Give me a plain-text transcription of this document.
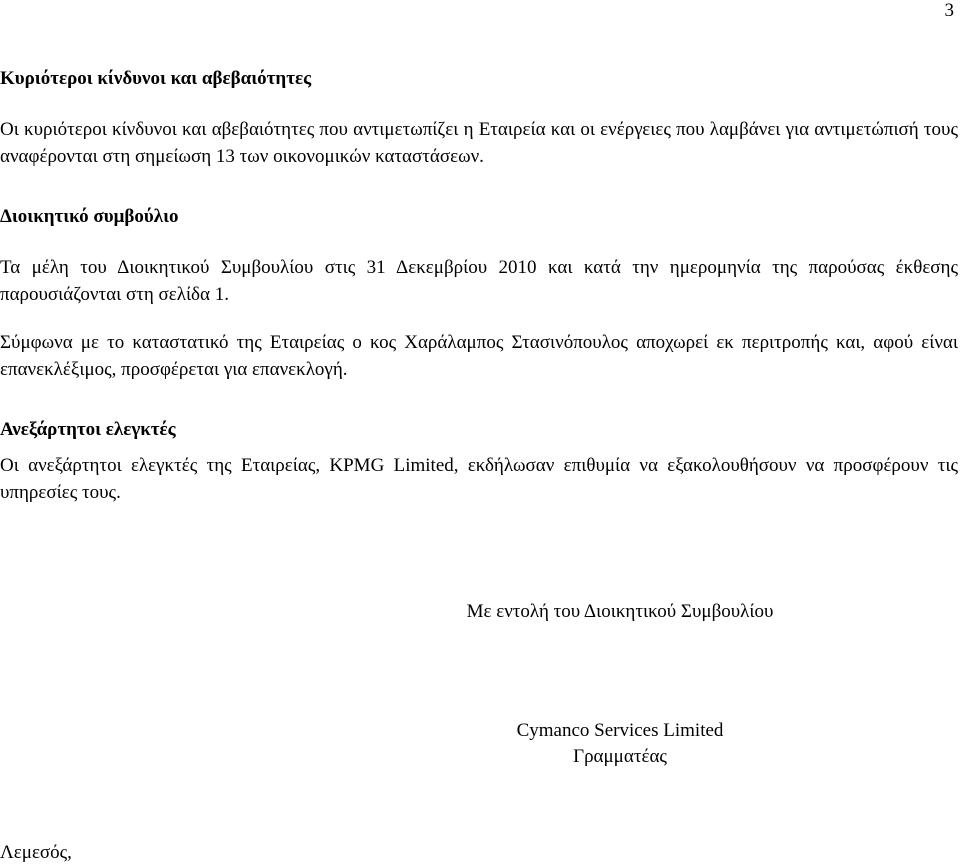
3
Κυριότεροι κίνδυνοι και αβεβαιότητες
Οι κυριότεροι κίνδυνοι και αβεβαιότητες που αντιμετωπίζει η Εταιρεία και οι ενέργειες που λαμβάνει για αντιμετώπισή τους αναφέρονται στη σημείωση 13 των οικονομικών καταστάσεων.
Διοικητικό συμβούλιο
Τα μέλη του Διοικητικού Συμβουλίου στις 31 Δεκεμβρίου 2010 και κατά την ημερομηνία της παρούσας έκθεσης παρουσιάζονται στη σελίδα 1.
Σύμφωνα με το καταστατικό της Εταιρείας ο κος Χαράλαμπος Στασινόπουλος αποχωρεί εκ περιτροπής και, αφού είναι επανεκλέξιμος, προσφέρεται για επανεκλογή.
Ανεξάρτητοι ελεγκτές
Οι ανεξάρτητοι ελεγκτές της Εταιρείας, KPMG Limited, εκδήλωσαν επιθυμία να εξακολουθήσουν να προσφέρουν τις υπηρεσίες τους.
Με εντολή του Διοικητικού Συμβουλίου
Cymanco Services Limited
Γραμματέας
Λεμεσός,
